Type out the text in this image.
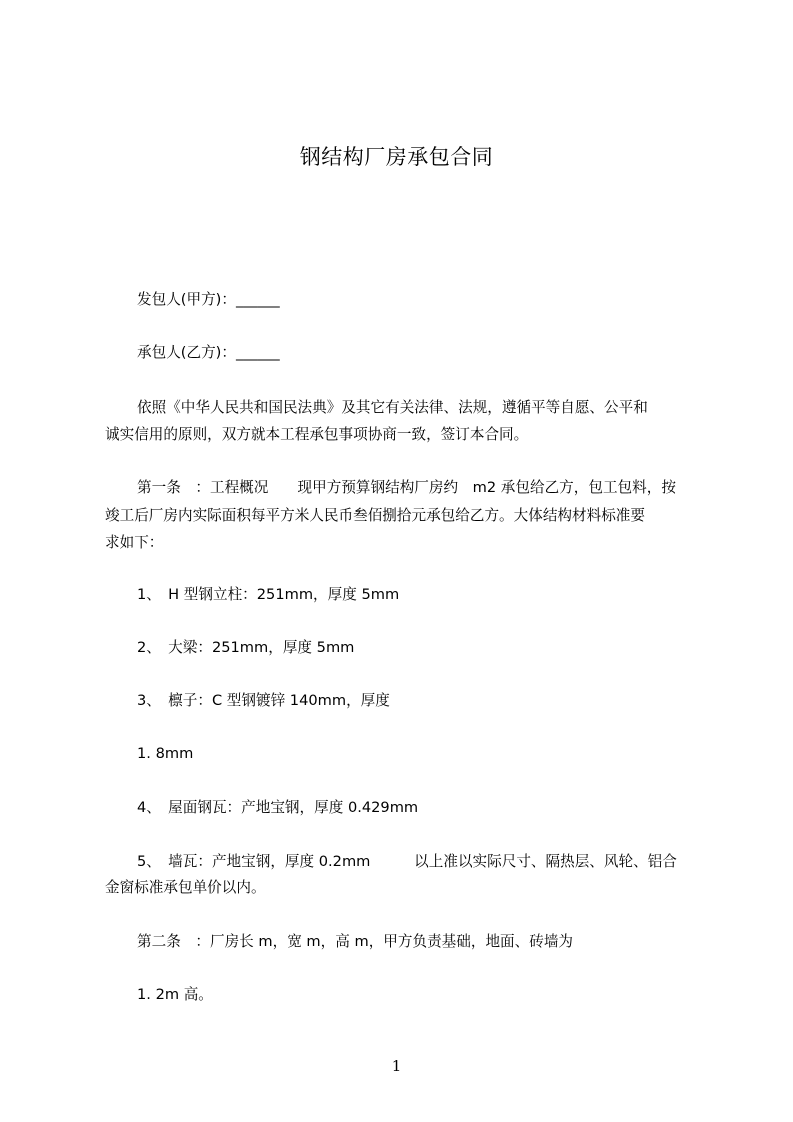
钢结构厂房承包合同
发包人(甲方)：______
承包人(乙方)：______
依照《中华人民共和国民法典》及其它有关法律、法规，遵循平等自愿、公平和
诚实信用的原则，双方就本工程承包事项协商一致，签订本合同。
第一条　：工程概况　　现甲方预算钢结构厂房约　m2 承包给乙方，包工包料，按
竣工后厂房内实际面积每平方米人民币叁佰捌拾元承包给乙方。大体结构材料标准要
求如下：
1、　H 型钢立柱：251mm，厚度 5mm
2、　大梁：251mm，厚度 5mm
3、　檩子：C 型钢镀锌 140mm，厚度
1. 8mm
4、　屋面钢瓦：产地宝钢，厚度 0.429mm
5、　墙瓦：产地宝钢，厚度 0.2mm　　　以上准以实际尺寸、隔热层、风轮、铝合
金窗标准承包单价以内。
第二条　：厂房长 m，宽 m，高 m，甲方负责基础，地面、砖墙为
1. 2m 高。
1
